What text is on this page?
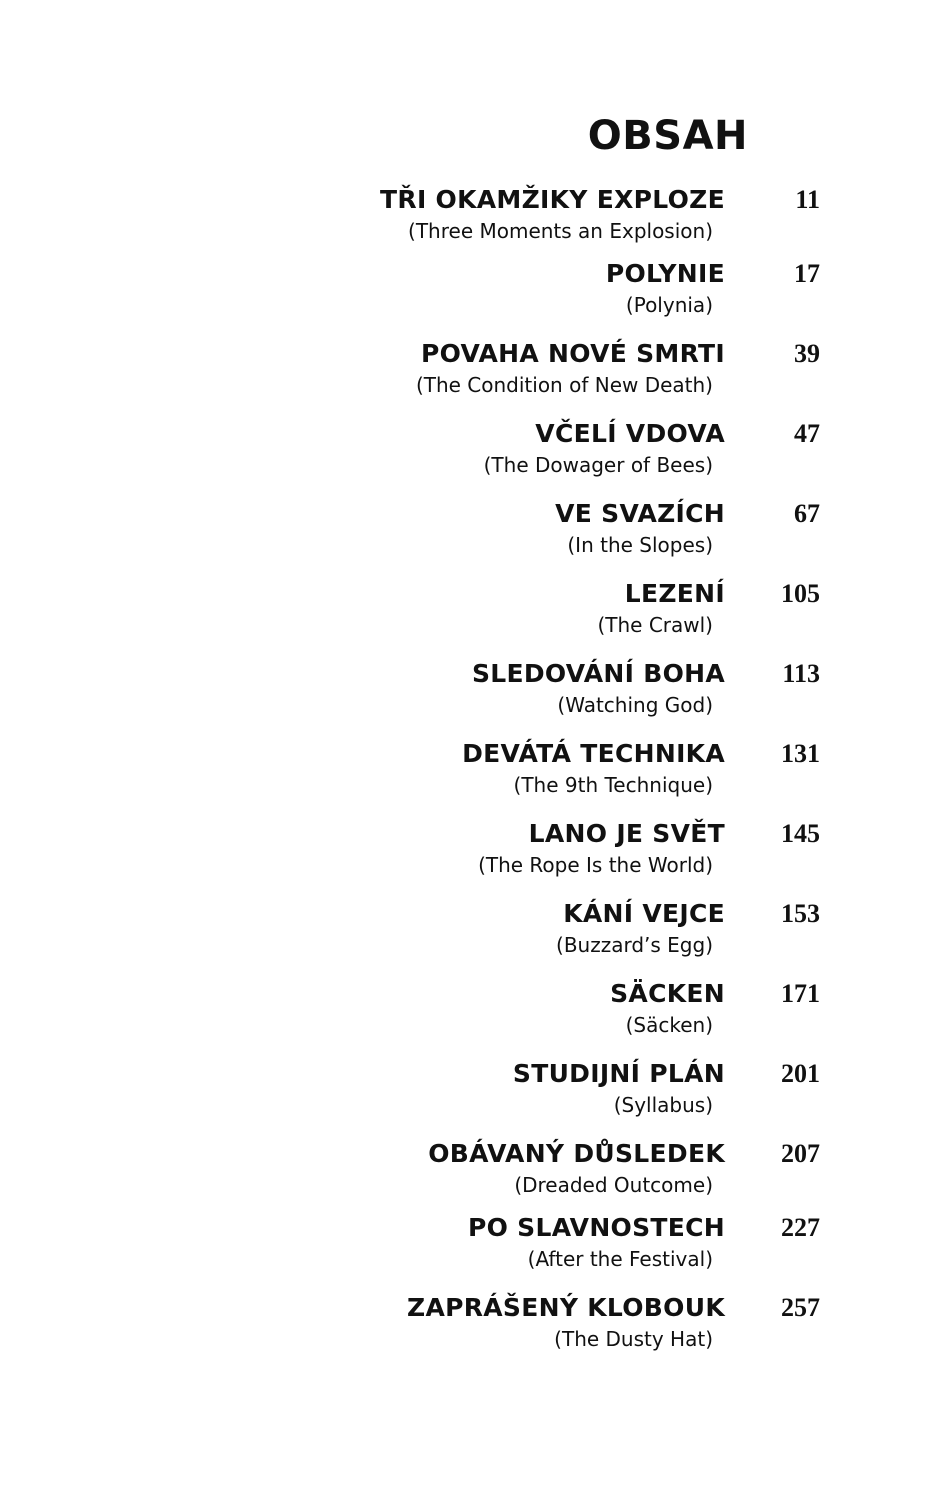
OBSAH
TŘI OKAMŽIKY EXPLOZE	11
(Three Moments an Explosion)
POLYNIE	17
(Polynia)
POVAHA NOVÉ SMRTI	39
(The Condition of New Death)
VČELÍ VDOVA	47
(The Dowager of Bees)
VE SVAZÍCH	67
(In the Slopes)
LEZENÍ 105
(The Crawl)
SLEDOVÁNÍ BOHA 113
(Watching God)
DEVÁTÁ TECHNIKA 131
(The 9th Technique)
LANO JE SVĚT 145
(The Rope Is the World)
KÁNÍ VEJCE 153
(Buzzard’s Egg)
SÄCKEN 171
(Säcken)
STUDIJNÍ PLÁN 201
(Syllabus)
OBÁVANÝ DŮSLEDEK 207
(Dreaded Outcome)
PO SLAVNOSTECH 227
(After the Festival)
ZAPRÁŠENÝ KLOBOUK 257
(The Dusty Hat)
